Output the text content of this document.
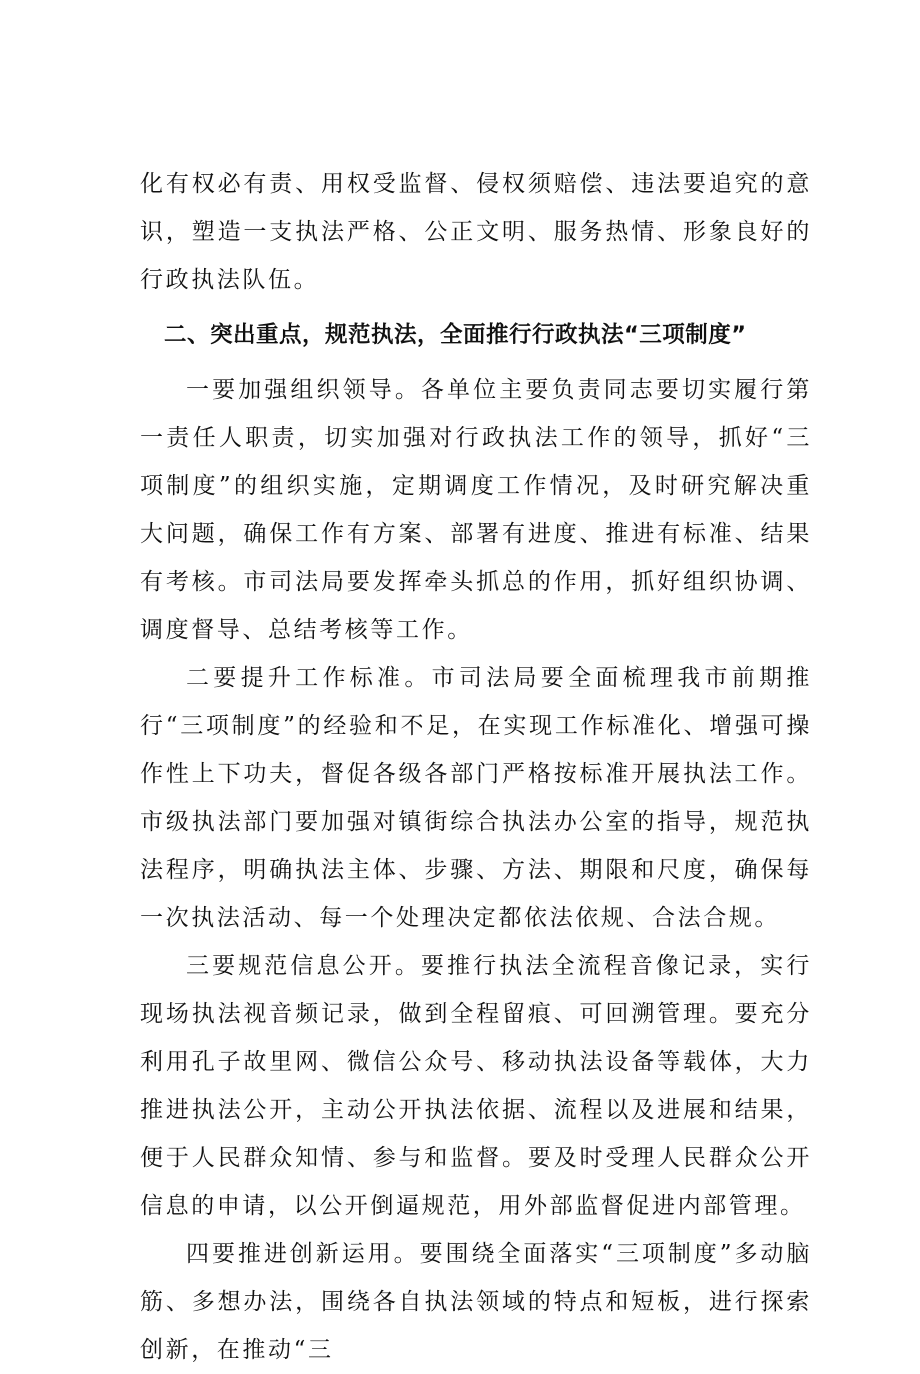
化有权必有责、用权受监督、侵权须赔偿、违法要追究的意识，塑造一支执法严格、公正文明、服务热情、形象良好的行政执法队伍。

二、突出重点，规范执法，全面推行行政执法“三项制度”

一要加强组织领导。各单位主要负责同志要切实履行第一责任人职责，切实加强对行政执法工作的领导，抓好“三项制度”的组织实施，定期调度工作情况，及时研究解决重大问题，确保工作有方案、部署有进度、推进有标准、结果有考核。市司法局要发挥牵头抓总的作用，抓好组织协调、调度督导、总结考核等工作。

二要提升工作标准。市司法局要全面梳理我市前期推行“三项制度”的经验和不足，在实现工作标准化、增强可操作性上下功夫，督促各级各部门严格按标准开展执法工作。市级执法部门要加强对镇街综合执法办公室的指导，规范执法程序，明确执法主体、步骤、方法、期限和尺度，确保每一次执法活动、每一个处理决定都依法依规、合法合规。

三要规范信息公开。要推行执法全流程音像记录，实行现场执法视音频记录，做到全程留痕、可回溯管理。要充分利用孔子故里网、微信公众号、移动执法设备等载体，大力推进执法公开，主动公开执法依据、流程以及进展和结果，便于人民群众知情、参与和监督。要及时受理人民群众公开信息的申请，以公开倒逼规范，用外部监督促进内部管理。

四要推进创新运用。要围绕全面落实“三项制度”多动脑筋、多想办法，围绕各自执法领域的特点和短板，进行探索创新，在推动“三
